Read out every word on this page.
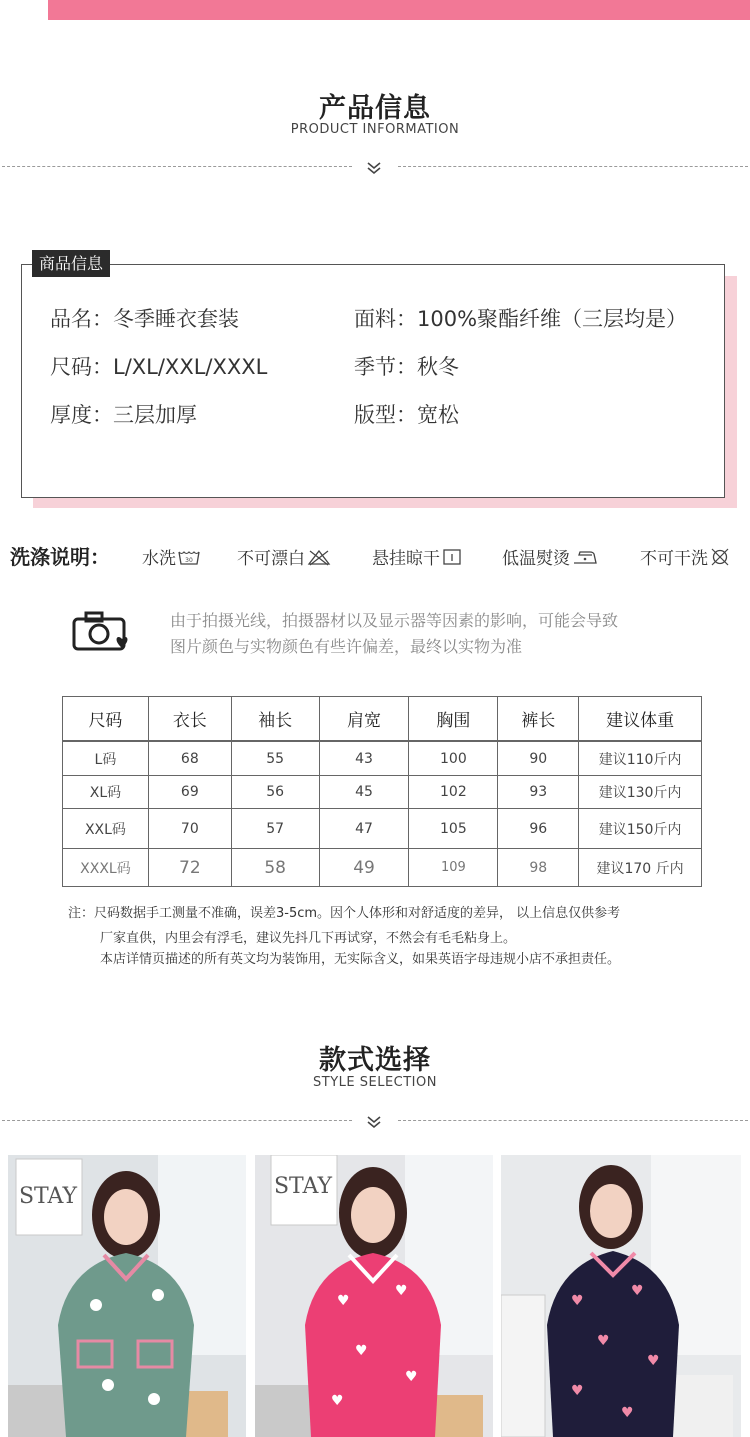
产品信息
PRODUCT INFORMATION
商品信息
品名：冬季睡衣套装	面料：100%聚酯纤维（三层均是）
尺码：L/XL/XXL/XXXL	季节：秋冬
厚度：三层加厚	版型：宽松
洗涤说明： 水洗 30	不可漂白	悬挂晾干	低温熨烫	不可干洗
由于拍摄光线，拍摄器材以及显示器等因素的影响，可能会导致
图片颜色与实物颜色有些许偏差，最终以实物为准
尺码	衣长	袖长	肩宽	胸围	裤长	建议体重

L码	68	55	43	100	90	建议110斤内
XL码	69	56	45	102	93	建议130斤内
XXL码	70	57	47	105	96	建议150斤内
XXXL码	72	58	49	109	98	建议170 斤内
注：尺码数据手工测量不准确，误差3-5cm。因个人体形和对舒适度的差异， 以上信息仅供参考
厂家直供，内里会有浮毛，建议先抖几下再试穿，不然会有毛毛粘身上。
本店详情页描述的所有英文均为装饰用，无实际含义，如果英语字母违规小店不承担责任。
款式选择
STYLE SELECTION
STAY	STAY
♥
♥
♥
♥
♥
♥
♥
♥
♥
♥
♥
